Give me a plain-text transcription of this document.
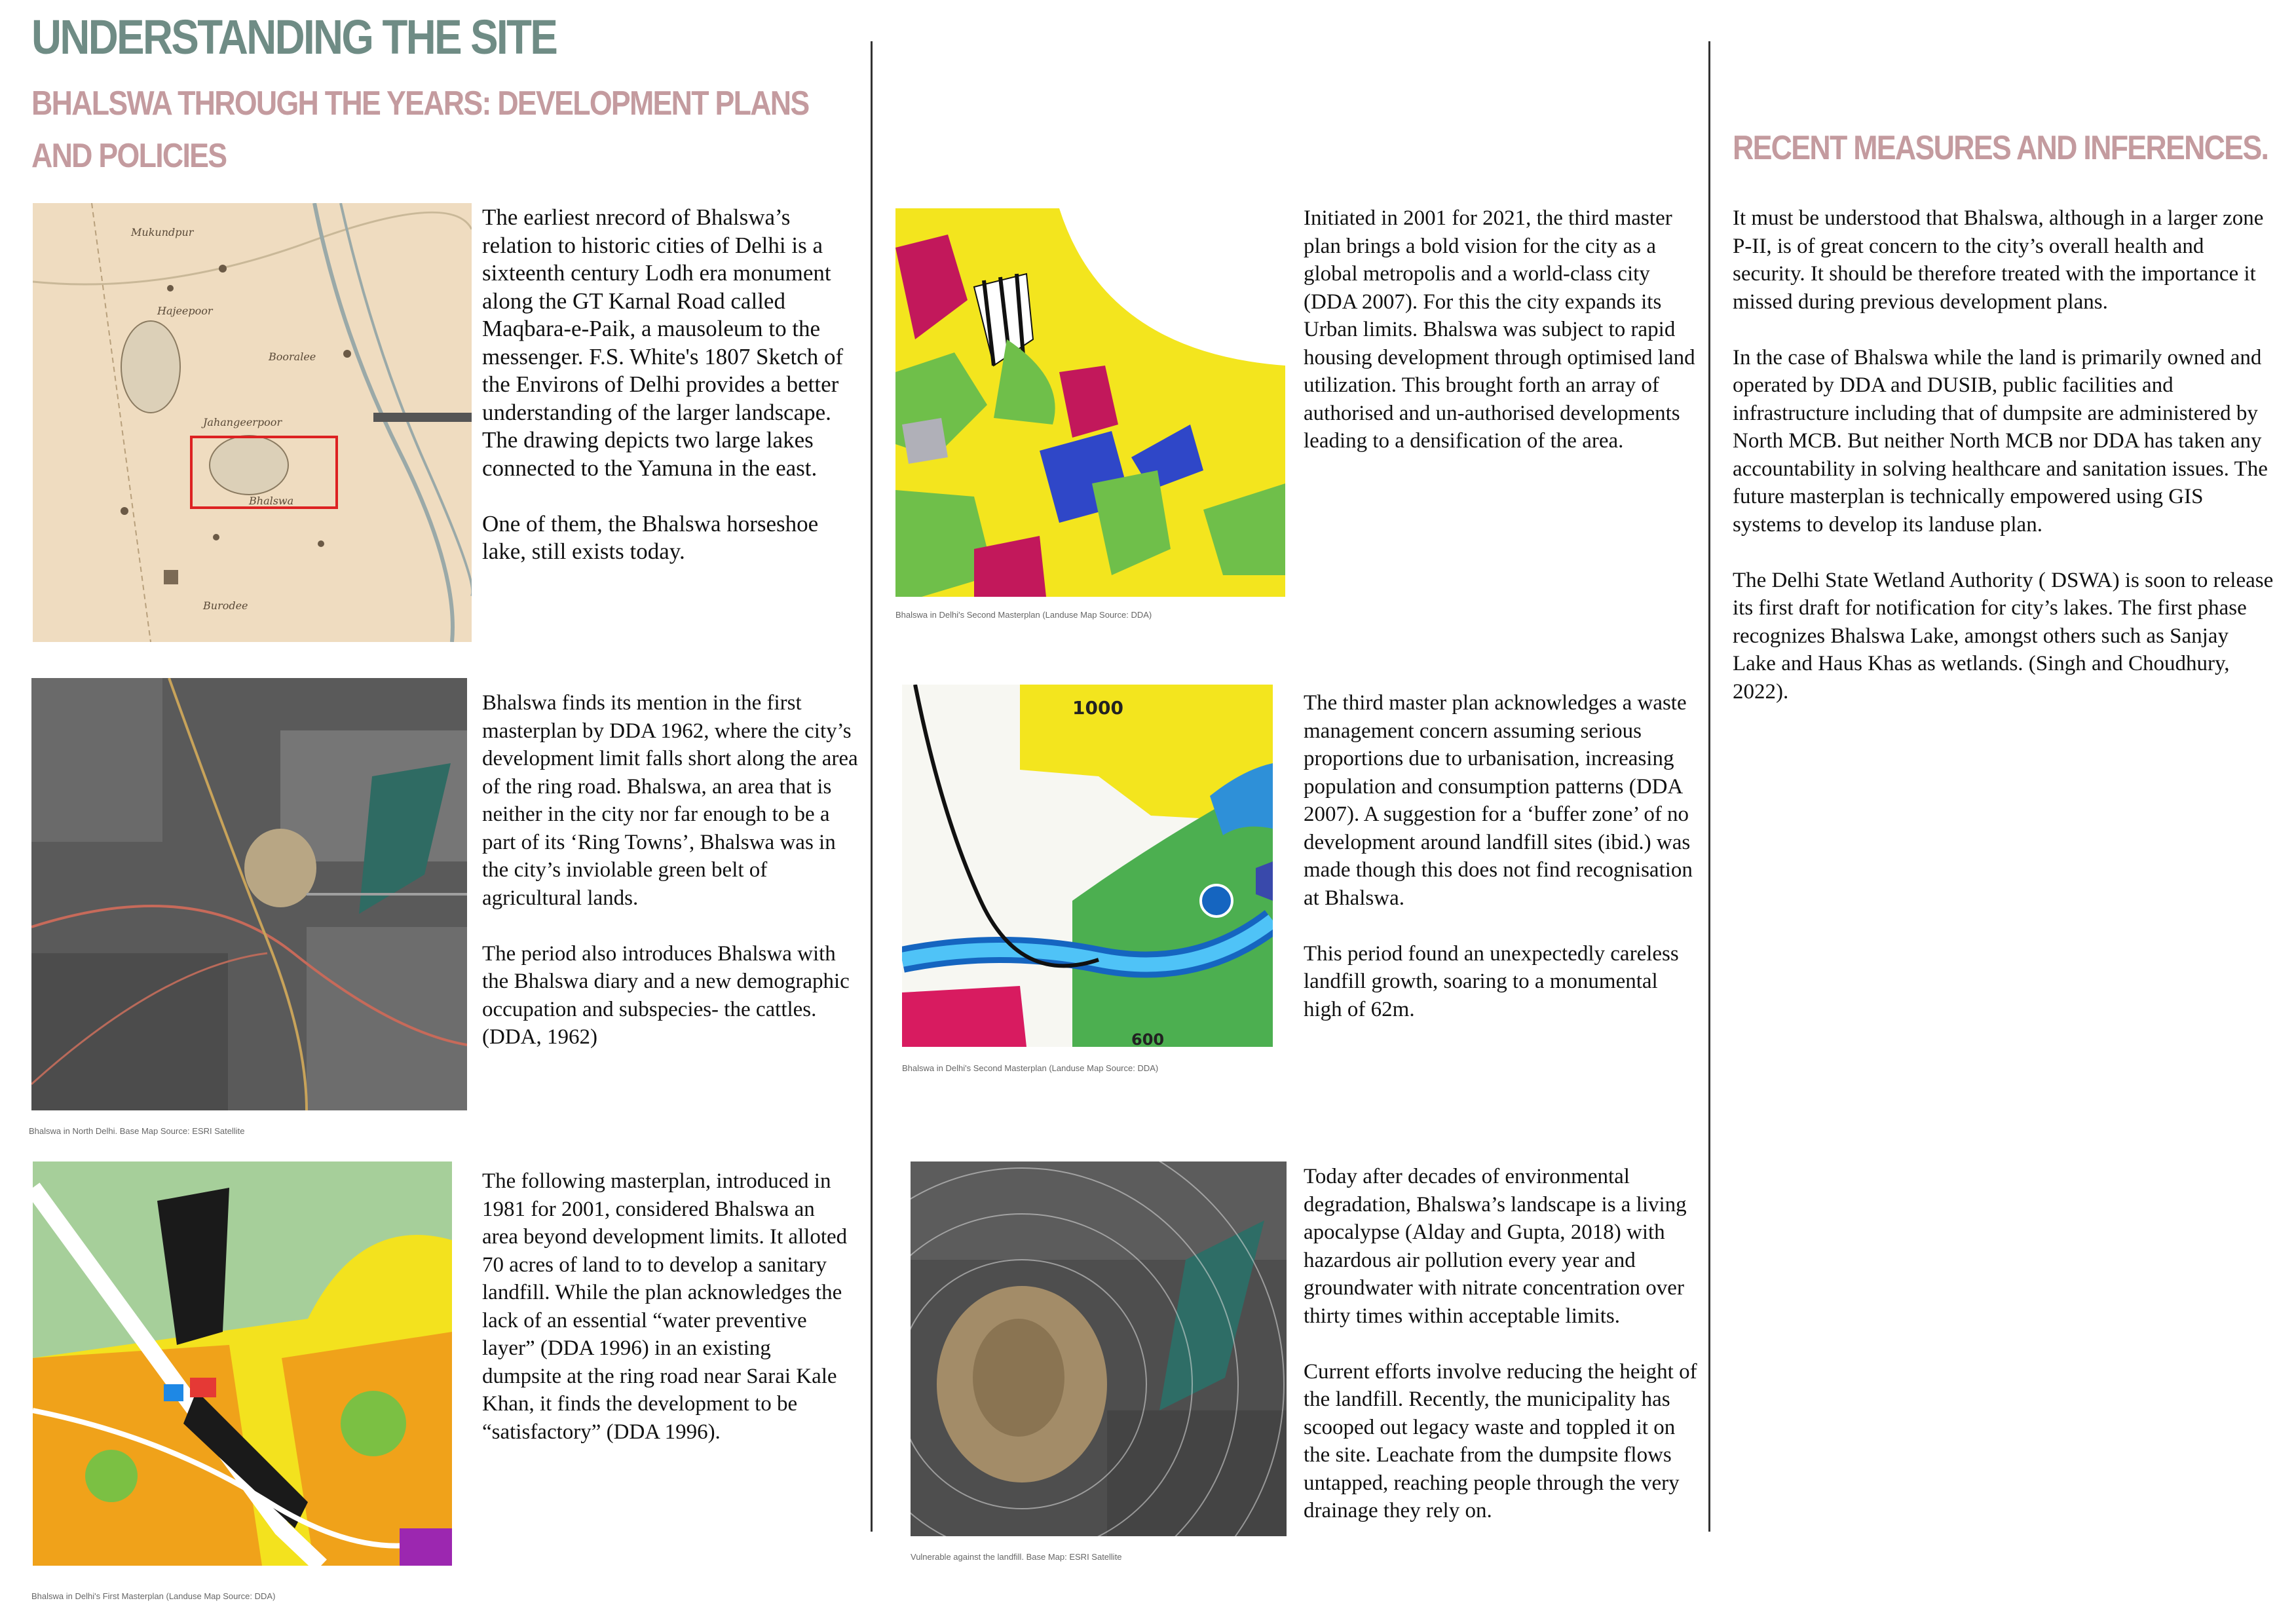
UNDERSTANDING THE SITE
BHALSWA THROUGH THE YEARS: DEVELOPMENT PLANS
AND POLICIES	RECENT MEASURES AND INFERENCES.
Mukundpur
Hajeepoor
Bhalswa
Booralee
Jahangeerpoor
Burodee

The earliest nrecord of Bhalswa’s relation to historic cities of Delhi is a sixteenth century Lodh era monument along the GT Karnal Road called Maqbara-e-Paik, a mausoleum to the messenger. F.S. White's 1807 Sketch of the Environs of Delhi provides a better understanding of the larger landscape. The drawing depicts two large lakes connected to the Yamuna in the east.

One of them, the Bhalswa horseshoe lake, still exists today.

Bhalswa finds its mention in the first masterplan by DDA 1962, where the city’s development limit falls short along the area of the ring road. Bhalswa, an area that is neither in the city nor far enough to be a part of its ‘Ring Towns’, Bhalswa was in the city’s inviolable green belt of agricultural lands.

The period also introduces Bhalswa with the Bhalswa diary and a new demographic occupation and subspecies- the cattles. (DDA, 1962)

Bhalswa in North Delhi. Base Map Source: ESRI Satellite

The following masterplan, introduced in 1981 for 2001, considered Bhalswa an area beyond development limits. It alloted 70 acres of land to to develop a sanitary landfill. While the plan acknowledges the lack of an essential “water preventive layer” (DDA 1996) in an existing dumpsite at the ring road near Sarai Kale Khan, it finds the development to be “satisfactory” (DDA 1996).

Bhalswa in Delhi's First Masterplan (Landuse Map Source: DDA)
Bhalswa in Delhi's Second Masterplan (Landuse Map Source: DDA)

Initiated in 2001 for 2021, the third master plan brings a bold vision for the city as a global metropolis and a world-class city (DDA 2007). For this the city expands its Urban limits. Bhalswa was subject to rapid housing development through optimised land utilization. This brought forth an array of authorised and un-authorised developments leading to a densification of the area.

1000
600
Bhalswa in Delhi's Second Masterplan (Landuse Map Source: DDA)

The third master plan acknowledges a waste management concern assuming serious proportions due to urbanisation, increasing population and consumption patterns (DDA 2007). A suggestion for a ‘buffer zone’ of no development around landfill sites (ibid.) was made though this does not find recognisation at Bhalswa.

This period found an unexpectedly careless landfill growth, soaring to a monumental high of 62m.

Vulnerable against the landfill. Base Map: ESRI Satellite

Today after decades of environmental degradation, Bhalswa’s landscape is a living apocalypse (Alday and Gupta, 2018) with hazardous air pollution every year and groundwater with nitrate concentration over thirty times within acceptable limits.

Current efforts involve reducing the height of the landfill. Recently, the municipality has scooped out legacy waste and toppled it on the site. Leachate from the dumpsite flows untapped, reaching people through the very drainage they rely on.

It must be understood that Bhalswa, although in a larger zone P-II, is of great concern to the city’s overall health and security. It should be therefore treated with the importance it missed during previous development plans.

In the case of Bhalswa while the land is primarily owned and operated by DDA and DUSIB, public facilities and infrastructure including that of dumpsite are administered by North MCB. But neither North MCB nor DDA has taken any accountability in solving healthcare and sanitation issues. The future masterplan is technically empowered using GIS systems to develop its landuse plan.

The Delhi State Wetland Authority ( DSWA) is soon to release its first draft for notification for city’s lakes. The first phase recognizes Bhalswa Lake, amongst others such as Sanjay Lake and Haus Khas as wetlands. (Singh and Choudhury, 2022).
